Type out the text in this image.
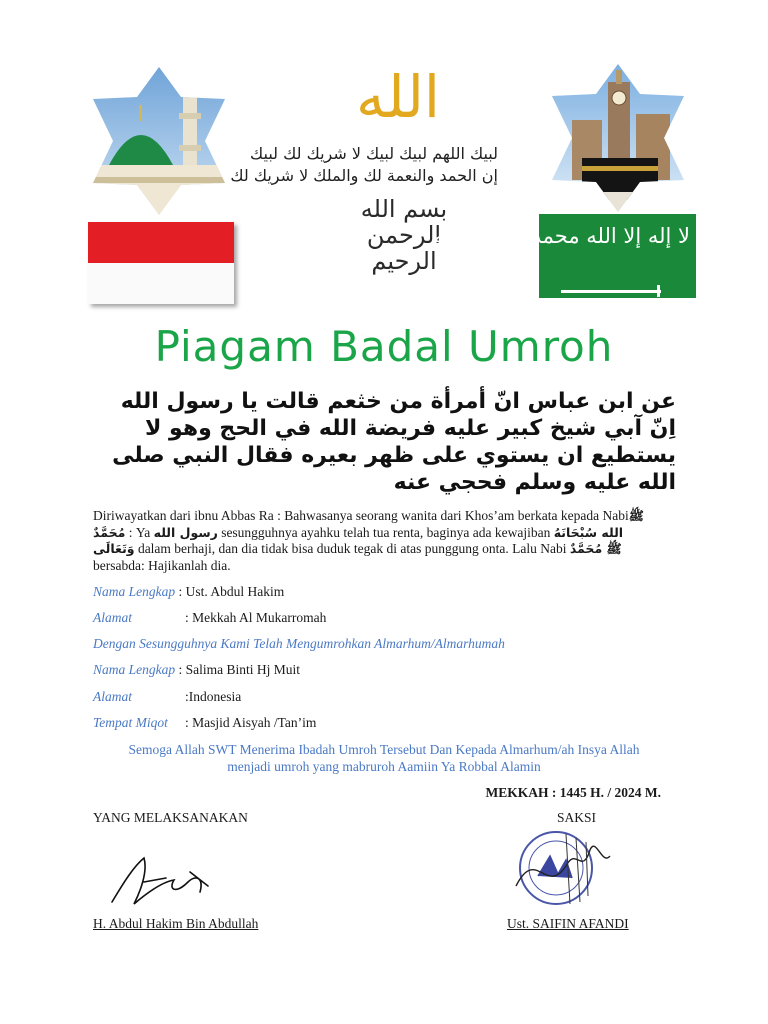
الله
لبيك اللهم لبيك لبيك لا شريك لك لبيك
إن الحمد والنعمة لك والملك لا شريك لك
بسم الله الرحمن الرحيم
لا إله إلا الله محمد رسول الله
Piagam Badal Umroh
عن ابن عباس انّ أمرأة من خثعم قالت يا رسول الله اِنّ آبي شيخ كبير عليه فريضة الله في الحج وهو لا يستطيع ان يستوي على ظهر بعيره فقال النبي صلى الله عليه وسلم فحجي عنه
Diriwayatkan dari ibnu Abbas Ra : Bahwasanya seorang wanita dari Khos’am berkata kepada Nabiﷺ مُحَمَّدٌ : Ya رسول الله sesungguhnya ayahku telah tua renta, baginya ada kewajiban الله سُبْحَانَهُ وَتَعَالَى dalam berhaji, dan dia tidak bisa duduk tegak di atas punggung onta. Lalu Nabi ﷺ مُحَمَّدٌ bersabda: Hajikanlah dia.
Nama Lengkap : Ust. Abdul Hakim
Alamat	: Mekkah Al Mukarromah
Dengan Sesungguhnya Kami Telah Mengumrohkan Almarhum/Almarhumah
Nama Lengkap : Salima Binti Hj Muit
Alamat	:Indonesia
Tempat Miqot : Masjid Aisyah /Tan’im
Semoga Allah SWT Menerima Ibadah Umroh Tersebut Dan Kepada Almarhum/ah Insya Allah
menjadi umroh yang mabruroh Aamiin Ya Robbal Alamin
MEKKAH : 1445 H. / 2024 M.
YANG MELAKSANAKAN	SAKSI
H. Abdul Hakim Bin Abdullah	Ust. SAIFIN AFANDI
